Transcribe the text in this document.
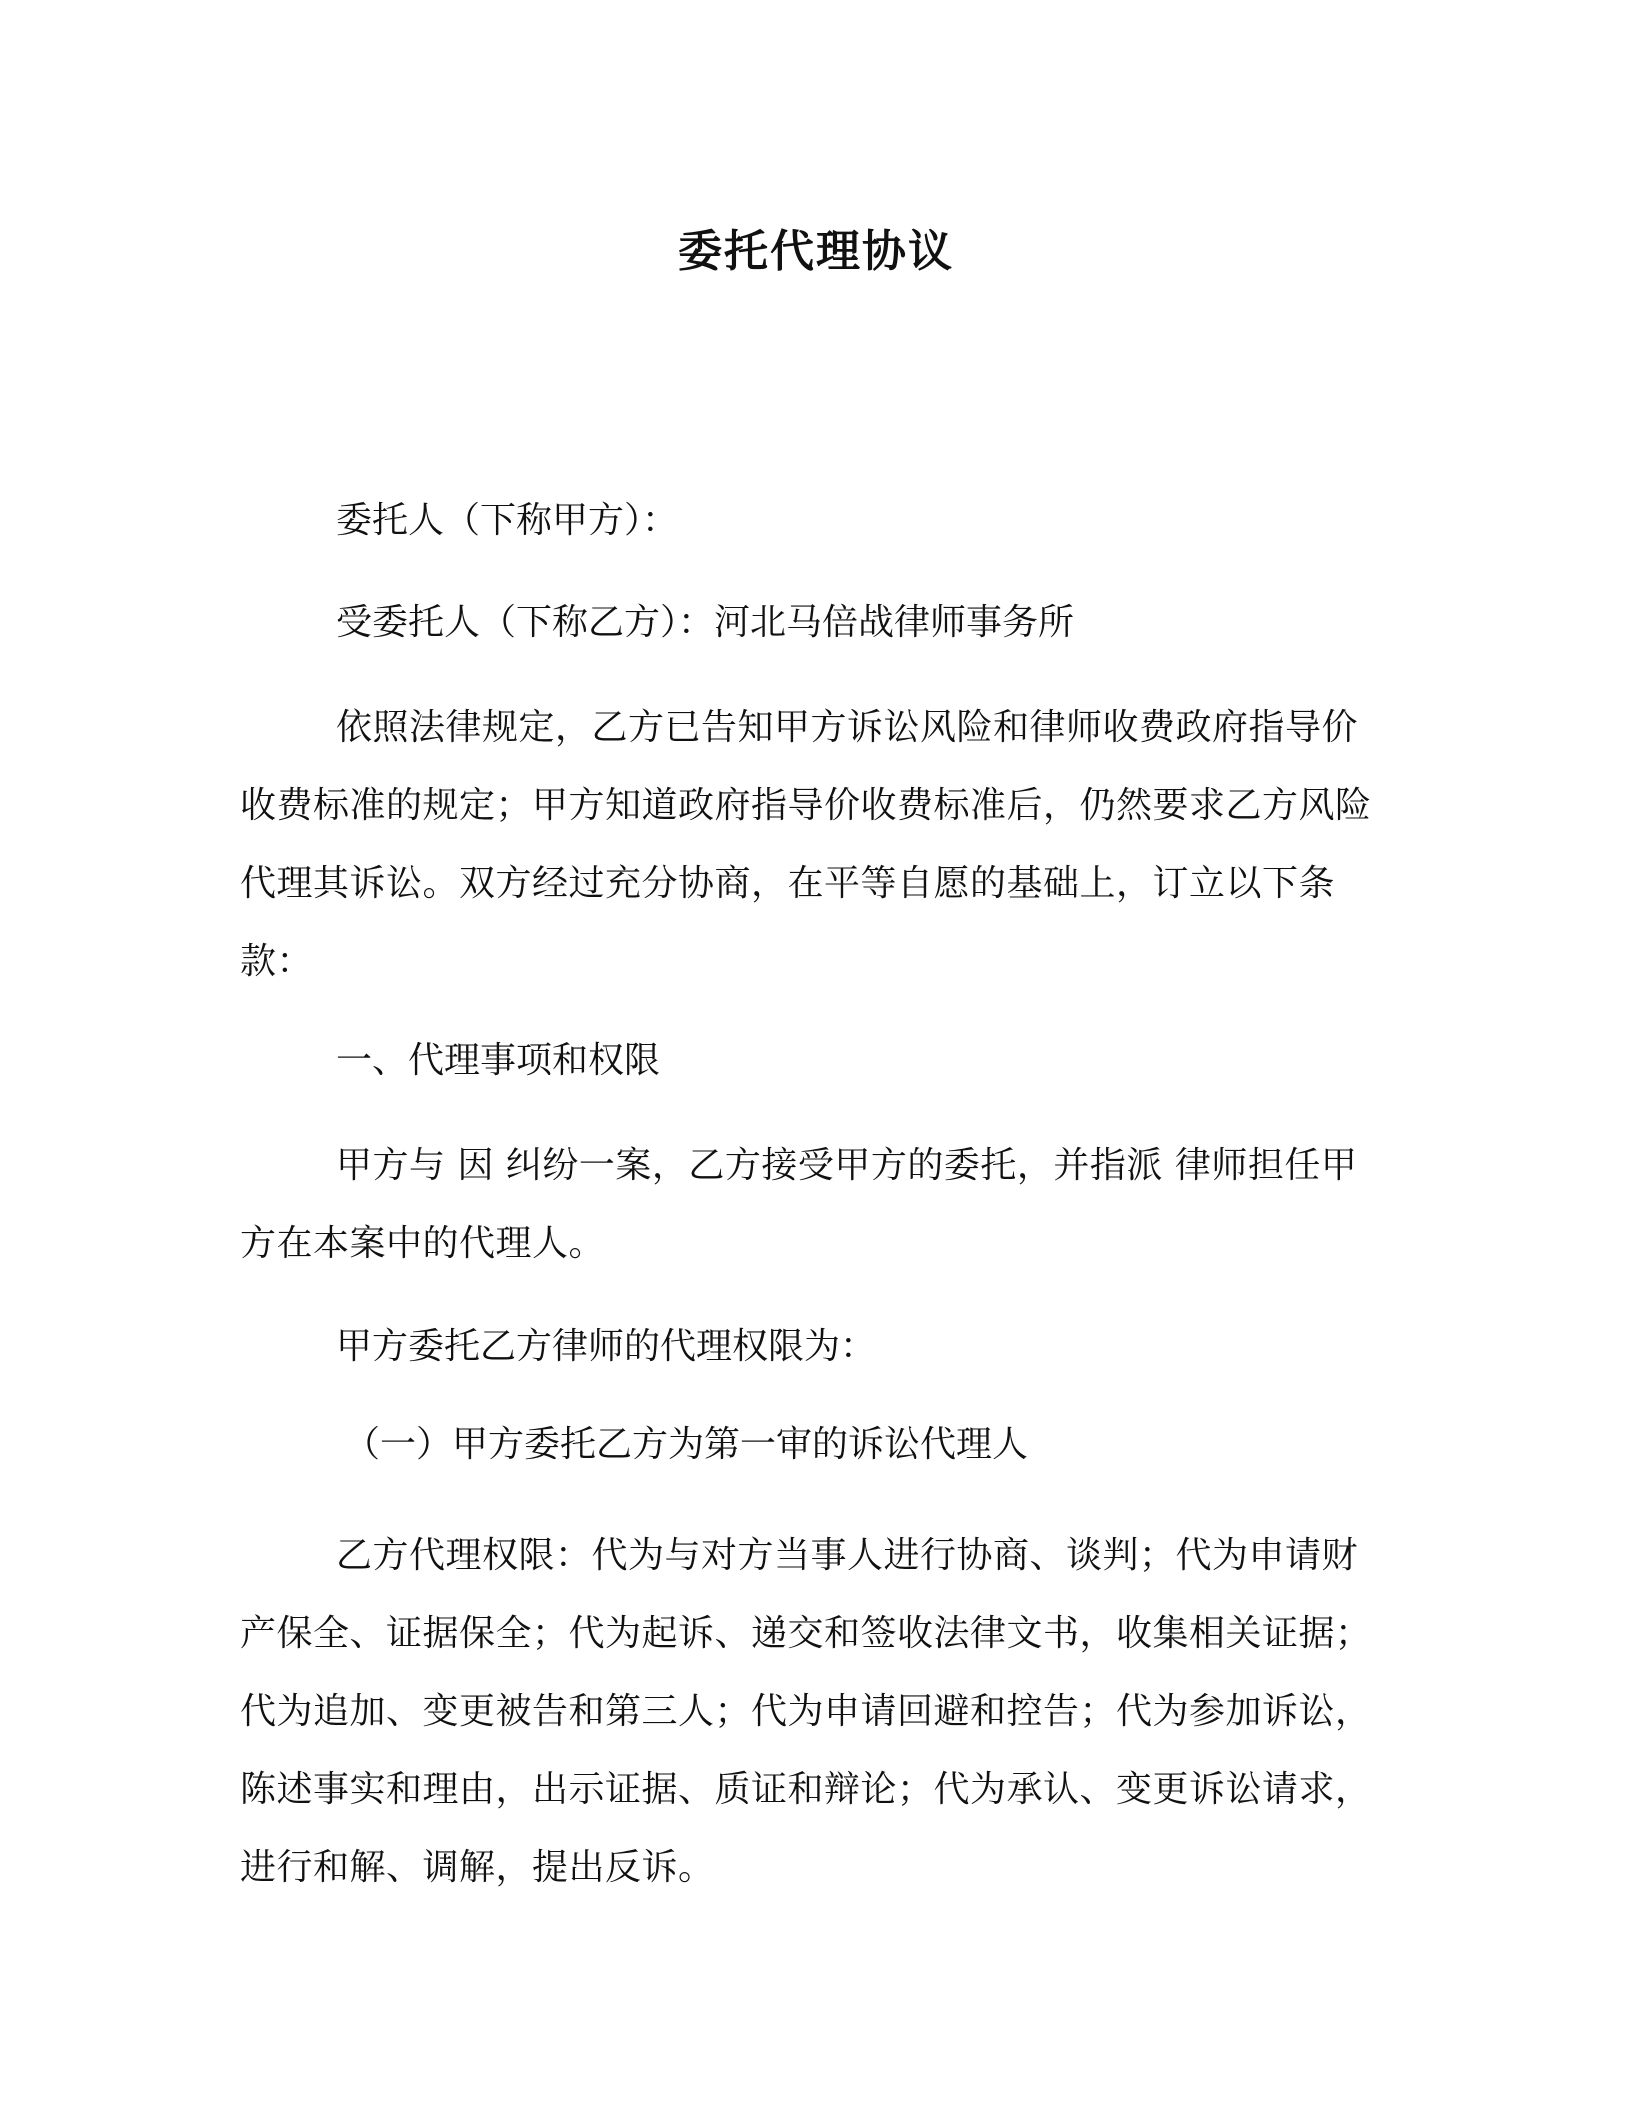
委托代理协议
委托人（下称甲方）：
受委托人（下称乙方）：河北马倍战律师事务所

依照法律规定，乙方已告知甲方诉讼风险和律师收费政府指导价收费标准的规定；甲方知道政府指导价收费标准后，仍然要求乙方风险代理其诉讼。双方经过充分协商，在平等自愿的基础上，订立以下条款：

一、代理事项和权限

甲方与 因 纠纷一案，乙方接受甲方的委托，并指派 律师担任甲方在本案中的代理人。

甲方委托乙方律师的代理权限为：
（一）甲方委托乙方为第一审的诉讼代理人

乙方代理权限：代为与对方当事人进行协商、谈判；代为申请财产保全、证据保全；代为起诉、递交和签收法律文书，收集相关证据；代为追加、变更被告和第三人；代为申请回避和控告；代为参加诉讼，陈述事实和理由，出示证据、质证和辩论；代为承认、变更诉讼请求，进行和解、调解，提出反诉。
